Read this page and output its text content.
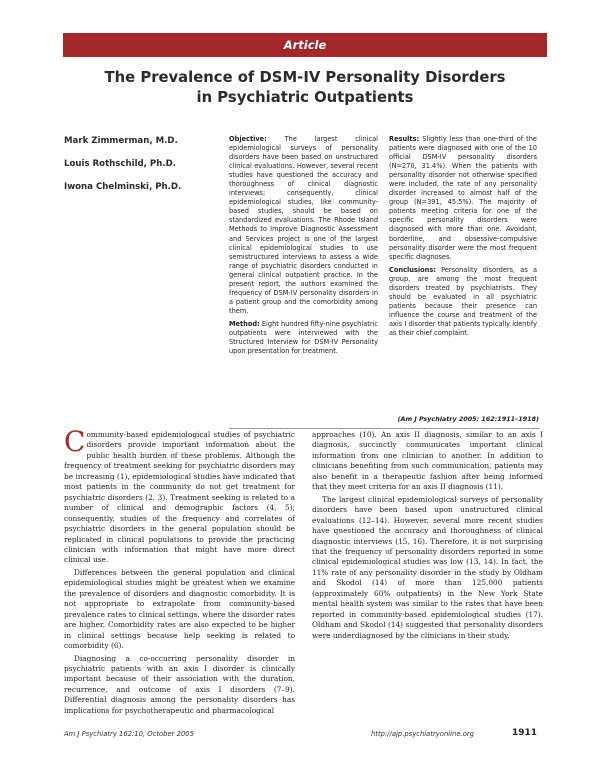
Article
The Prevalence of DSM-IV Personality Disorders
in Psychiatric Outpatients
Mark Zimmerman, M.D.
Louis Rothschild, Ph.D.
Iwona Chelminski, Ph.D.

Objective:	The largest clinical epidemiological surveys of personality disorders have been based on unstructured clinical evaluations. However, several recent studies have questioned the accuracy and thoroughness of clinical diagnostic interviews; consequently, clinical epidemiological studies, like community-based studies, should be based on standardized evaluations. The Rhode Island Methods to Improve Diagnostic Assessment and Services project is one of the largest clinical epidemiological studies to use semistructured interviews to assess a wide range of psychiatric disorders conducted in general clinical outpatient practice. In the present report, the authors examined the frequency of DSM-IV personality disorders in a patient group and the comorbidity among them.

Method: Eight hundred fifty-nine psychiatric outpatients were interviewed with the Structured Interview for DSM-IV Personality upon presentation for treatment.

Results: Slightly less than one-third of the patients were diagnosed with one of the 10 official DSM-IV personality disorders (N=270, 31.4%). When the patients with personality disorder not otherwise specified were included, the rate of any personality disorder increased to almost half of the group (N=391, 45.5%). The majority of patients meeting criteria for one of the specific personality disorders were diagnosed with more than one. Avoidant, borderline, and obsessive-compulsive personality disorder were the most frequent specific diagnoses.

Conclusions: Personality disorders, as a group, are among the most frequent disorders treated by psychiatrists. They should be evaluated in all psychiatric patients because their presence can influence the course and treatment of the axis I disorder that patients typically identify as their chief complaint.

(Am J Psychiatry 2005; 162:1911–1918)

Community-based epidemiological studies of psychiatric disorders provide important information about the public health burden of these problems. Although the frequency of treatment seeking for psychiatric disorders may be increasing (1), epidemiological studies have indicated that most patients in the community do not get treatment for psychiatric disorders (2, 3). Treatment seeking is related to a number of clinical and demographic factors (4, 5); consequently, studies of the frequency and correlates of psychiatric disorders in the general population should be replicated in clinical populations to provide the practicing clinician with information that might have more direct clinical use.

Differences between the general population and clinical epidemiological studies might be greatest when we examine the prevalence of disorders and diagnostic comorbidity. It is not appropriate to extrapolate from community-based prevalence rates to clinical settings, where the disorder rates are higher. Comorbidity rates are also expected to be higher in clinical settings because help seeking is related to comorbidity (6).

Diagnosing a co-occurring personality disorder in psychiatric patients with an axis I disorder is clinically important because of their association with the duration, recurrence, and outcome of axis I disorders (7–9). Differential diagnosis among the personality disorders has implications for psychotherapeutic and pharmacological

approaches (10). An axis II diagnosis, similar to an axis I diagnosis, succinctly communicates important clinical information from one clinician to another. In addition to clinicians benefiting from such communication, patients may also benefit in a therapeutic fashion after being informed that they meet criteria for an axis II diagnosis (11).

The largest clinical epidemiological surveys of personality disorders have been based upon unstructured clinical evaluations (12–14). However, several more recent studies have questioned the accuracy and thoroughness of clinical diagnostic interviews (15, 16). Therefore, it is not surprising that the frequency of personality disorders reported in some clinical epidemiological studies was low (13, 14). In fact, the 11% rate of any personality disorder in the study by Oldham and Skodol (14) of more than 125,000 patients (approximately 60% outpatients) in the New York State mental health system was similar to the rates that have been reported in community-based epidemiological studies (17). Oldham and Skodol (14) suggested that personality disorders were underdiagnosed by the clinicians in their study.

Am J Psychiatry 162:10, October 2005	http://ajp.psychiatryonline.org	1911
